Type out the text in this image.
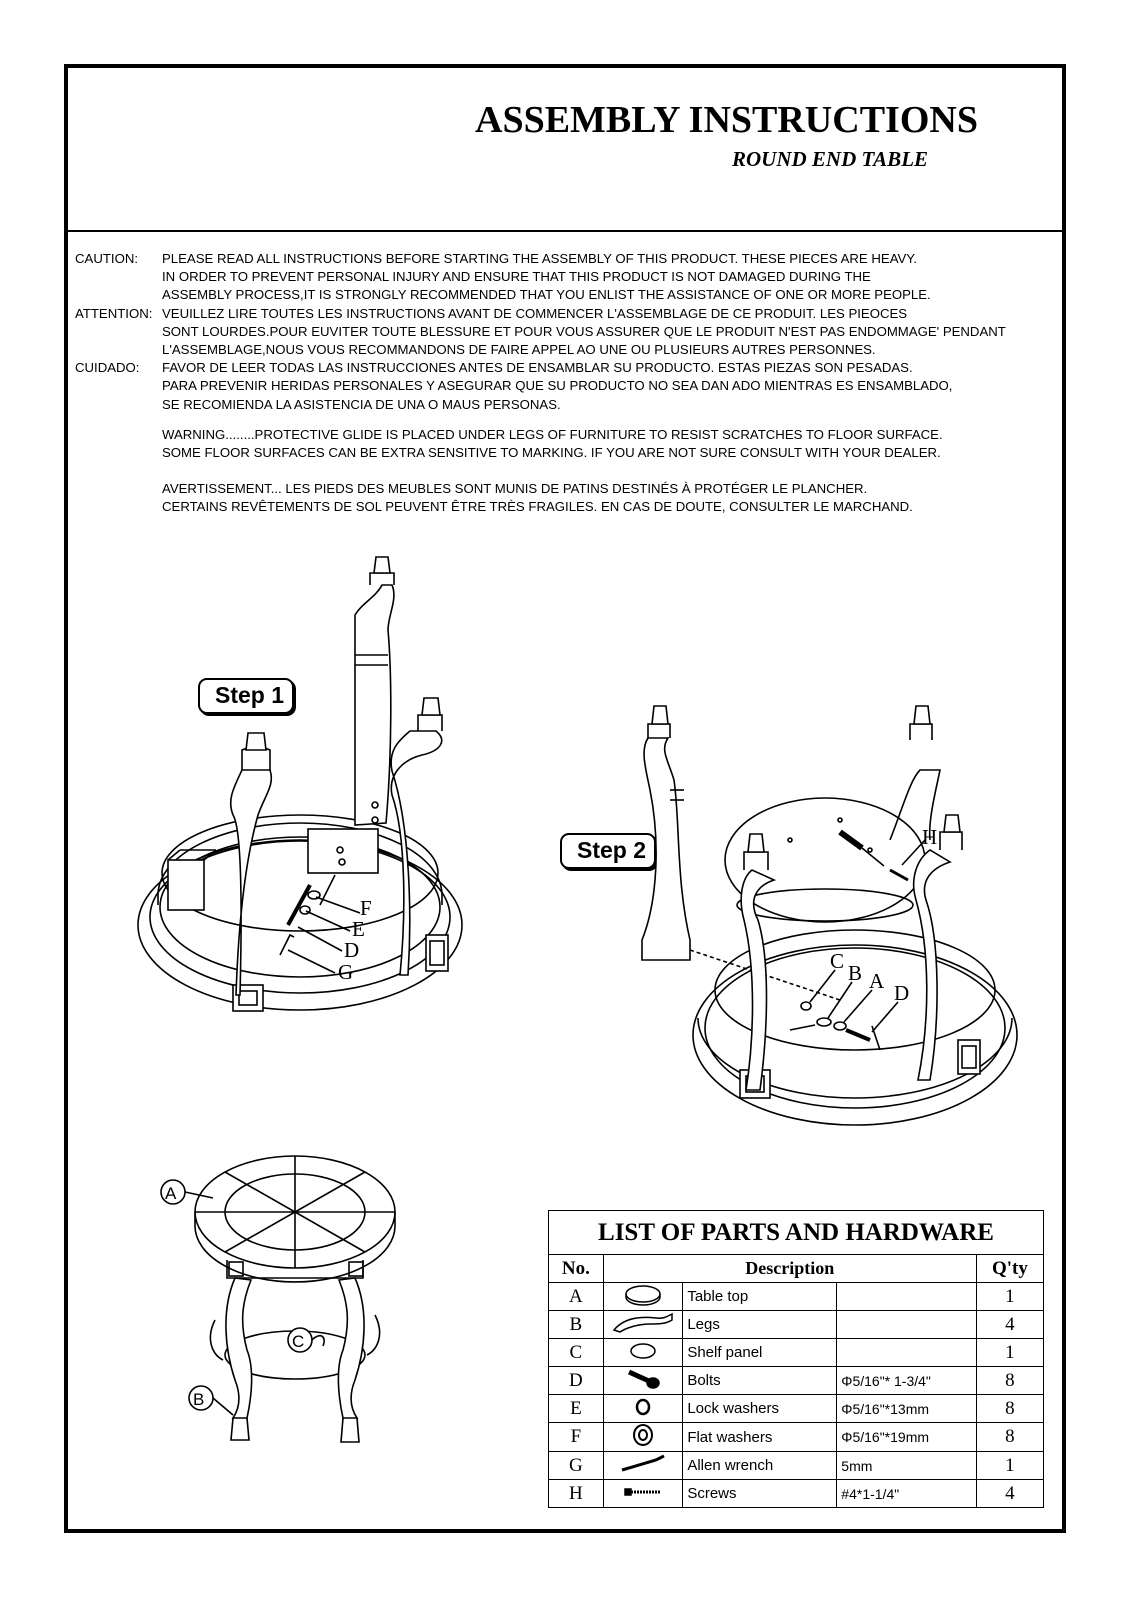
ASSEMBLY INSTRUCTIONS
ROUND END TABLE
CAUTION:	PLEASE READ ALL INSTRUCTIONS BEFORE STARTING THE ASSEMBLY OF THIS PRODUCT. THESE PIECES ARE HEAVY.
IN ORDER TO PREVENT PERSONAL INJURY AND ENSURE THAT THIS PRODUCT IS NOT DAMAGED DURING THE
ASSEMBLY PROCESS,IT IS STRONGLY RECOMMENDED THAT YOU ENLIST THE ASSISTANCE OF ONE OR MORE PEOPLE.
ATTENTION: VEUILLEZ LIRE TOUTES LES INSTRUCTIONS AVANT DE COMMENCER L'ASSEMBLAGE DE CE PRODUIT. LES PIEOCES
SONT LOURDES.POUR EUVITER TOUTE BLESSURE ET POUR VOUS ASSURER QUE LE PRODUIT N'EST PAS ENDOMMAGE' PENDANT
L'ASSEMBLAGE,NOUS VOUS RECOMMANDONS DE FAIRE APPEL AO UNE OU PLUSIEURS AUTRES PERSONNES.
CUIDADO:	FAVOR DE LEER TODAS LAS INSTRUCCIONES ANTES DE ENSAMBLAR SU PRODUCTO. ESTAS PIEZAS SON PESADAS.
PARA PREVENIR HERIDAS PERSONALES Y ASEGURAR QUE SU PRODUCTO NO SEA DAN ADO MIENTRAS ES ENSAMBLADO,
SE RECOMIENDA LA ASISTENCIA DE UNA O MAUS PERSONAS.
WARNING........PROTECTIVE GLIDE IS PLACED UNDER LEGS OF FURNITURE TO RESIST SCRATCHES TO FLOOR SURFACE.
SOME FLOOR SURFACES CAN BE EXTRA SENSITIVE TO MARKING. IF YOU ARE NOT SURE CONSULT WITH YOUR DEALER.
AVERTISSEMENT... LES PIEDS DES MEUBLES SONT MUNIS DE PATINS DESTINÉS À PROTÉGER LE PLANCHER.
CERTAINS REVÊTEMENTS DE SOL PEUVENT ÊTRE TRÈS FRAGILES. EN CAS DE DOUTE, CONSULTER LE MARCHAND.
Step 1
F
E
D
G
Step 2	H
C B A D
A
C
B
LIST OF PARTS AND HARDWARE
No.	Description			Q'ty
A		Table top		1
B		Legs		4
C		Shelf panel		1
D		Bolts	Φ5/16"* 1-3/4"	8
E		Lock washers	Φ5/16"*13mm	8
F		Flat washers	Φ5/16"*19mm	8
G		Allen wrench	5mm	1
H		Screws	#4*1-1/4"	4
